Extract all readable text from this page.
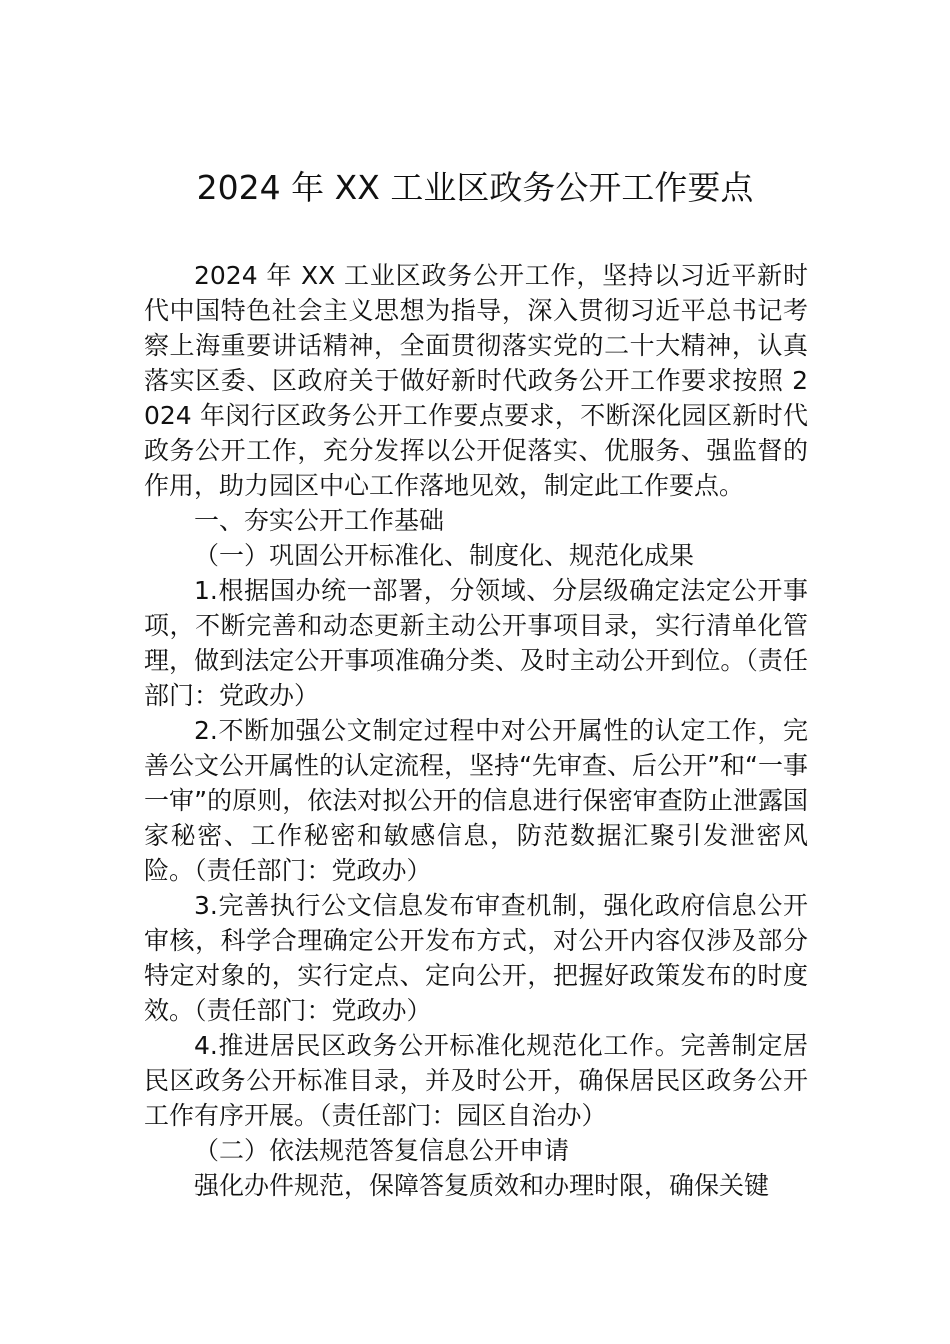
2024 年 XX 工业区政务公开工作要点

2024 年 XX 工业区政务公开工作，坚持以习近平新时代中国特色社会主义思想为指导，深入贯彻习近平总书记考察上海重要讲话精神，全面贯彻落实党的二十大精神，认真落实区委、区政府关于做好新时代政务公开工作要求按照 2024 年闵行区政务公开工作要点要求，不断深化园区新时代政务公开工作，充分发挥以公开促落实、优服务、强监督的作用，助力园区中心工作落地见效，制定此工作要点。

一、夯实公开工作基础

（一）巩固公开标准化、制度化、规范化成果

1.根据国办统一部署，分领域、分层级确定法定公开事项，不断完善和动态更新主动公开事项目录，实行清单化管理，做到法定公开事项准确分类、及时主动公开到位。（责任部门：党政办）

2.不断加强公文制定过程中对公开属性的认定工作，完善公文公开属性的认定流程，坚持“先审查、后公开”和“一事一审”的原则，依法对拟公开的信息进行保密审查防止泄露国家秘密、工作秘密和敏感信息，防范数据汇聚引发泄密风险。（责任部门：党政办）

3.完善执行公文信息发布审查机制，强化政府信息公开审核，科学合理确定公开发布方式，对公开内容仅涉及部分特定对象的，实行定点、定向公开，把握好政策发布的时度效。（责任部门：党政办）

4.推进居民区政务公开标准化规范化工作。完善制定居民区政务公开标准目录，并及时公开，确保居民区政务公开工作有序开展。（责任部门：园区自治办）

（二）依法规范答复信息公开申请

强化办件规范，保障答复质效和办理时限，确保关键
